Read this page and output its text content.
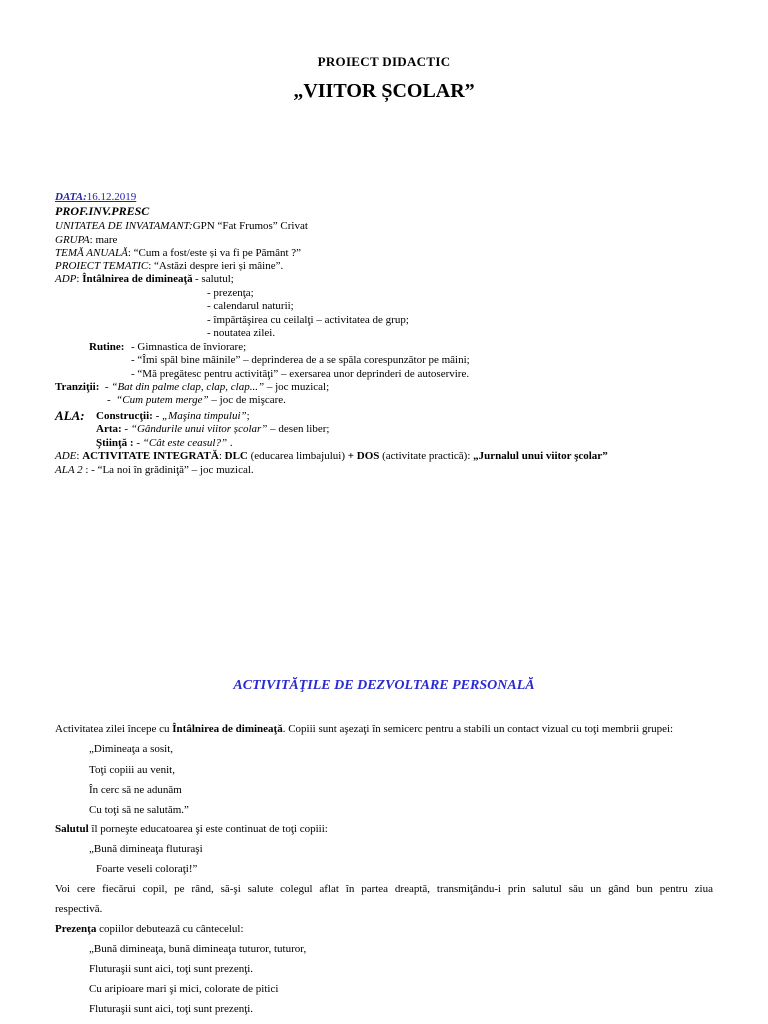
PROIECT DIDACTIC
„VIITOR ȘCOLAR”
DATA:16.12.2019
PROF.INV.PRESC
UNITATEA DE INVATAMANT:GPN “Fat Frumos” Crivat
GRUPA: mare
TEMĂ ANUALĂ: “Cum a fost/este și va fi pe Pământ ?”
PROIECT TEMATIC: “Astăzi despre ieri și mâine”.
ADP: Întâlnirea de dimineaţă - salutul;
- prezenţa;
- calendarul naturii;
- împărtăşirea cu ceilalţi – activitatea de grup;
- noutatea zilei.
Rutine: - Gimnastica de înviorare;
- “Îmi spăl bine mâinile” – deprinderea de a se spăla corespunzător pe mâini;
- “Mă pregătesc pentru activităţi” – exersarea unor deprinderi de autoservire.
Tranziţii:  - “Bat din palme clap, clap, clap...” – joc muzical;
-  “Cum putem merge” – joc de mişcare.
ALA: Construcţii: - „Maşina timpului”;
Arta: - “Gândurile unui viitor școlar” – desen liber;
Ştiinţă : - “Cât este ceasul?” .
ADE: ACTIVITATE INTEGRATĂ: DLC (educarea limbajului) + DOS (activitate practică): „Jurnalul unui viitor şcolar”
ALA 2 : - “La noi în grădiniţă” – joc muzical.
ACTIVITĂŢILE DE DEZVOLTARE PERSONALĂ
Activitatea zilei începe cu Întâlnirea de dimineaţă. Copiii sunt aşezaţi în semicerc pentru a stabili un contact vizual cu toţi membrii grupei:
„Dimineaţa a sosit,
Toţi copiii au venit,
În cerc să ne adunăm
Cu toţi să ne salutăm.”
Salutul îl porneşte educatoarea şi este continuat de toţi copiii:
„Bună dimineaţa fluturaşi
Foarte veseli coloraţi!”
Voi cere fiecărui copil, pe rând, să-şi salute colegul aflat în partea dreaptă, transmiţându-i prin salutul său un gând bun pentru ziua
respectivă.
Prezenţa copiilor debutează cu cântecelul:
„Bună dimineaţa, bună dimineaţa tuturor, tuturor,
Fluturaşii sunt aici, toţi sunt prezenţi.
Cu aripioare mari şi mici, colorate de pitici
Fluturaşii sunt aici, toţi sunt prezenţi.
